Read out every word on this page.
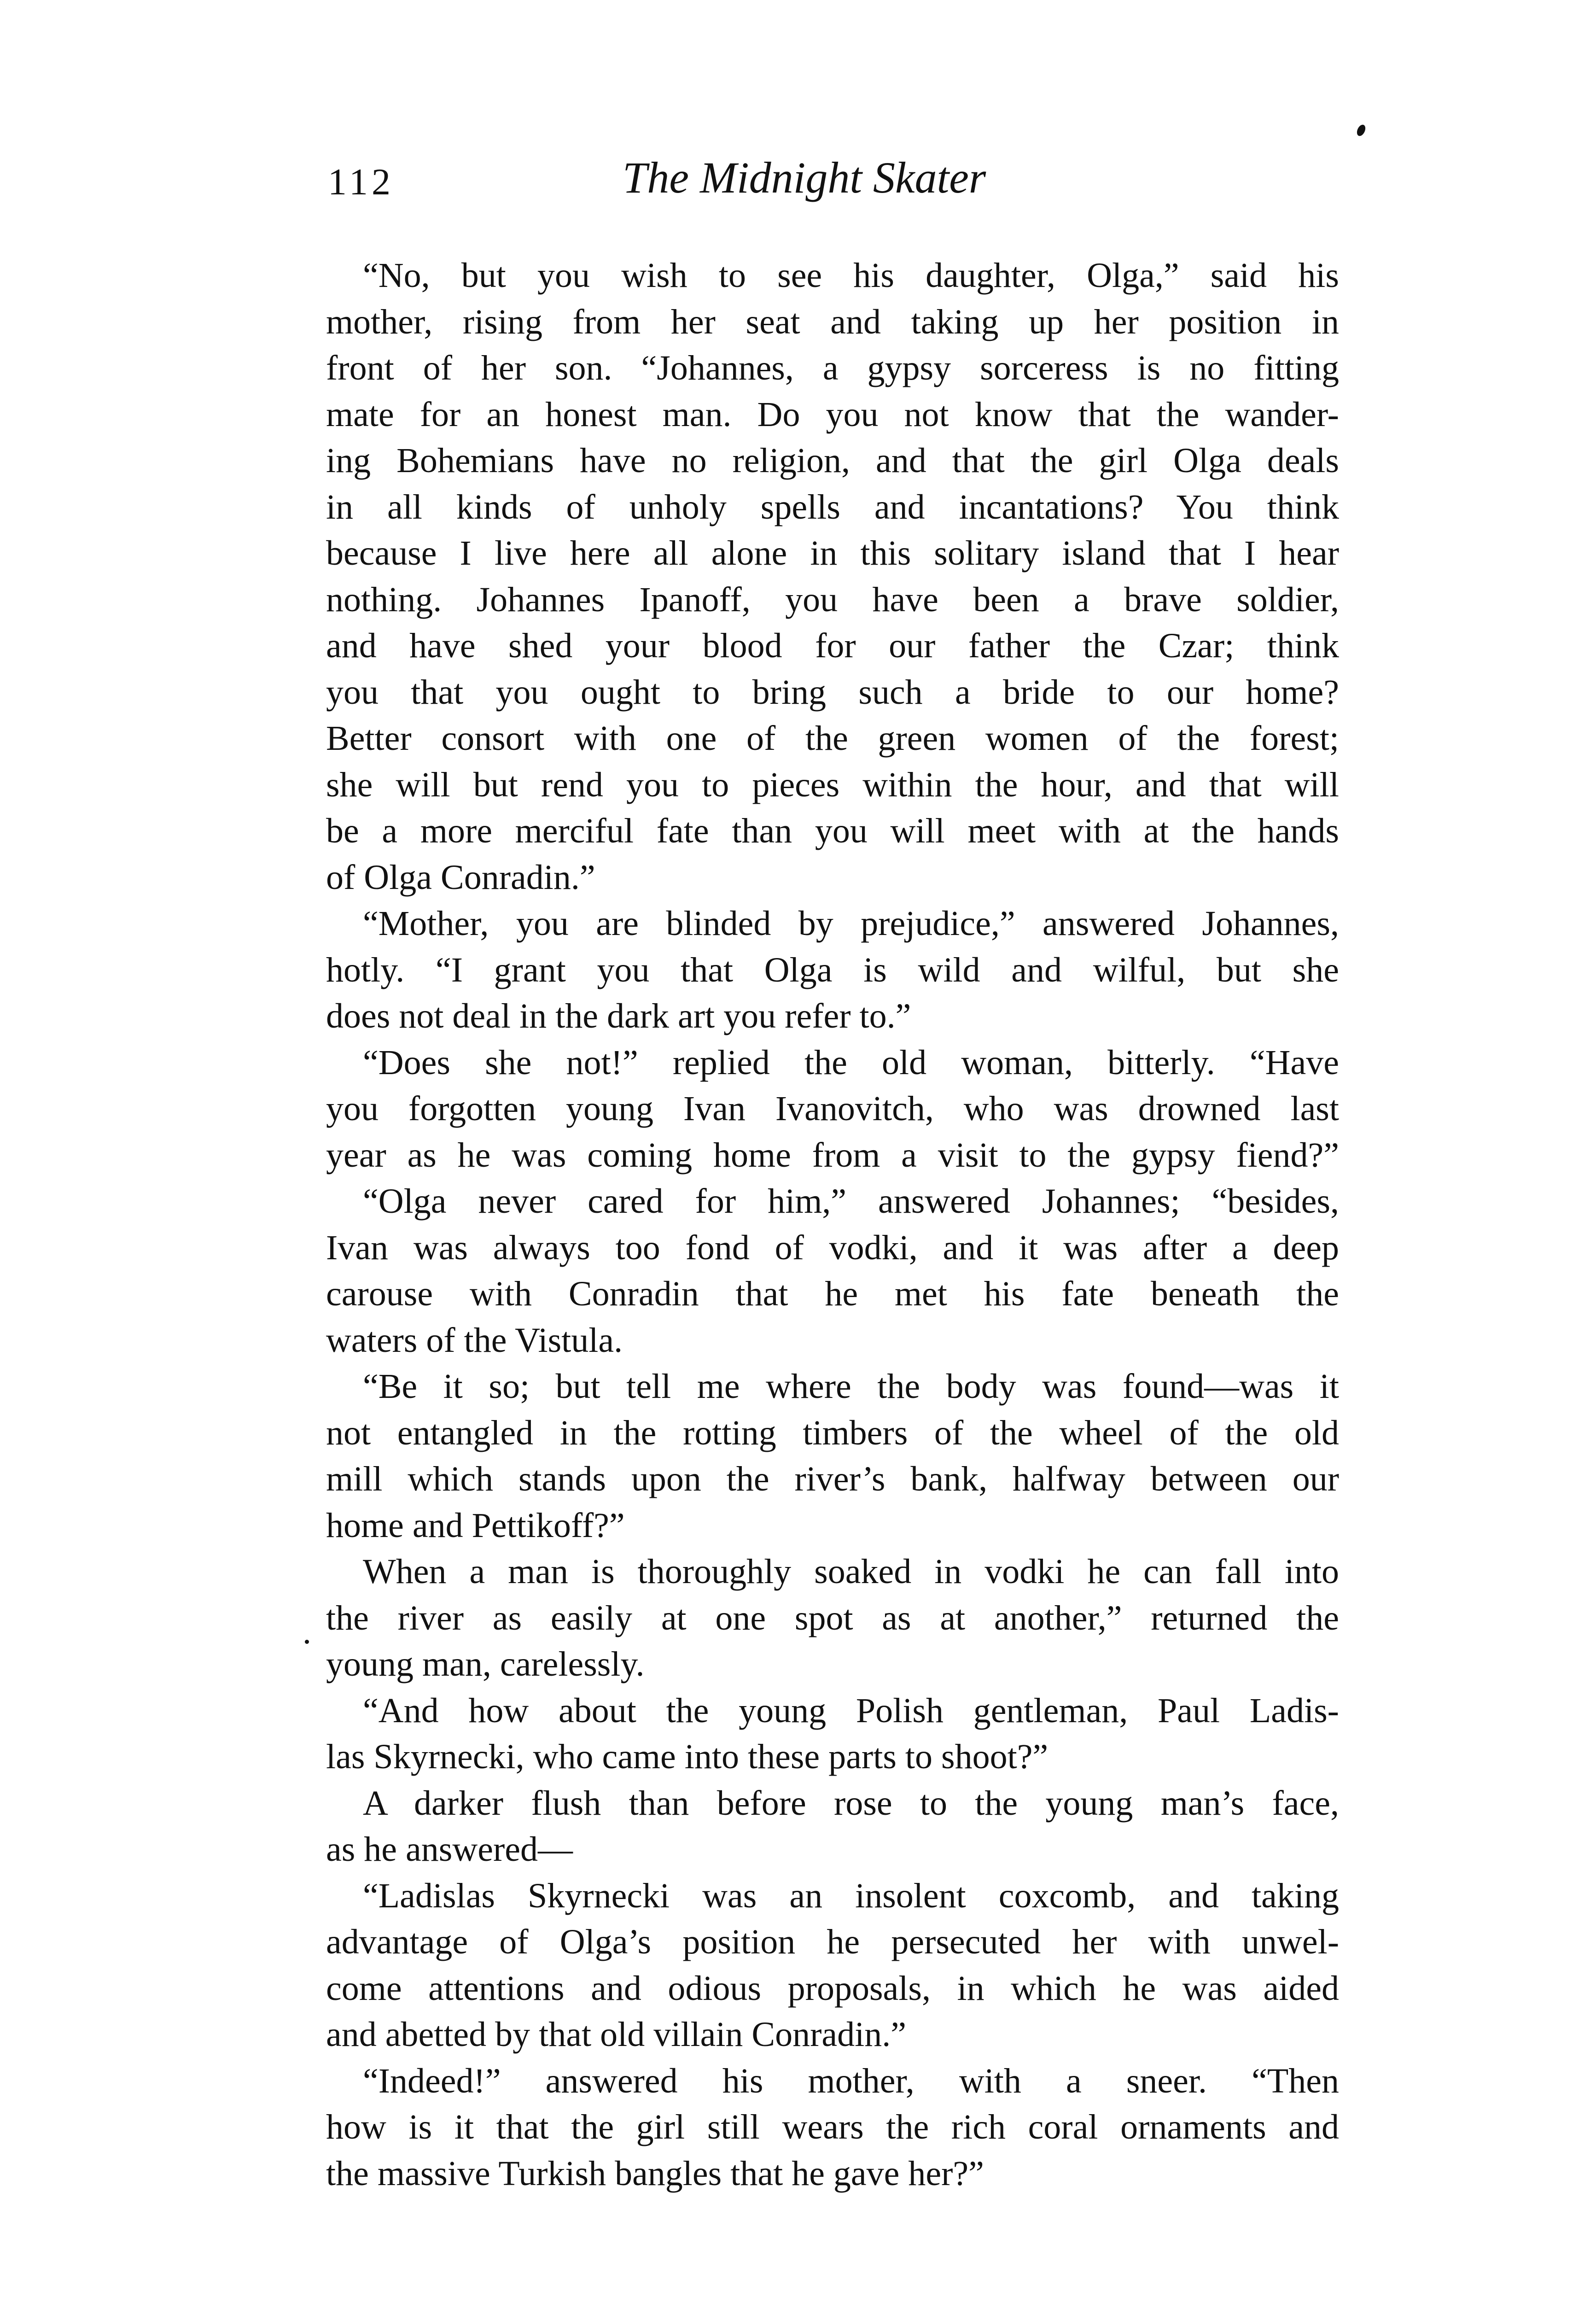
112	The Midnight Skater
“No, but you wish to see his daughter, Olga,” said his
mother, rising from her seat and taking up her position in
front of her son. “Johannes, a gypsy sorceress is no fitting
mate for an honest man. Do you not know that the wander-
ing Bohemians have no religion, and that the girl Olga deals
in all kinds of unholy spells and incantations? You think
because I live here all alone in this solitary island that I hear
nothing. Johannes Ipanoff, you have been a brave soldier,
and have shed your blood for our father the Czar; think
you that you ought to bring such a bride to our home?
Better consort with one of the green women of the forest;
she will but rend you to pieces within the hour, and that will
be a more merciful fate than you will meet with at the hands
of Olga Conradin.”
“Mother, you are blinded by prejudice,” answered Johannes,
hotly. “I grant you that Olga is wild and wilful, but she
does not deal in the dark art you refer to.”
“Does she not!” replied the old woman, bitterly. “Have
you forgotten young Ivan Ivanovitch, who was drowned last
year as he was coming home from a visit to the gypsy fiend?”
“Olga never cared for him,” answered Johannes; “besides,
Ivan was always too fond of vodki, and it was after a deep
carouse with Conradin that he met his fate beneath the
waters of the Vistula.
“Be it so; but tell me where the body was found—was it
not entangled in the rotting timbers of the wheel of the old
mill which stands upon the river’s bank, halfway between our
home and Pettikoff?”
When a man is thoroughly soaked in vodki he can fall into
the river as easily at one spot as at another,” returned the
young man, carelessly.
“And how about the young Polish gentleman, Paul Ladis-
las Skyrnecki, who came into these parts to shoot?”
A darker flush than before rose to the young man’s face,
as he answered—
“Ladislas Skyrnecki was an insolent coxcomb, and taking
advantage of Olga’s position he persecuted her with unwel-
come attentions and odious proposals, in which he was aided
and abetted by that old villain Conradin.”
“Indeed!” answered his mother, with a sneer. “Then
how is it that the girl still wears the rich coral ornaments and
the massive Turkish bangles that he gave her?”
